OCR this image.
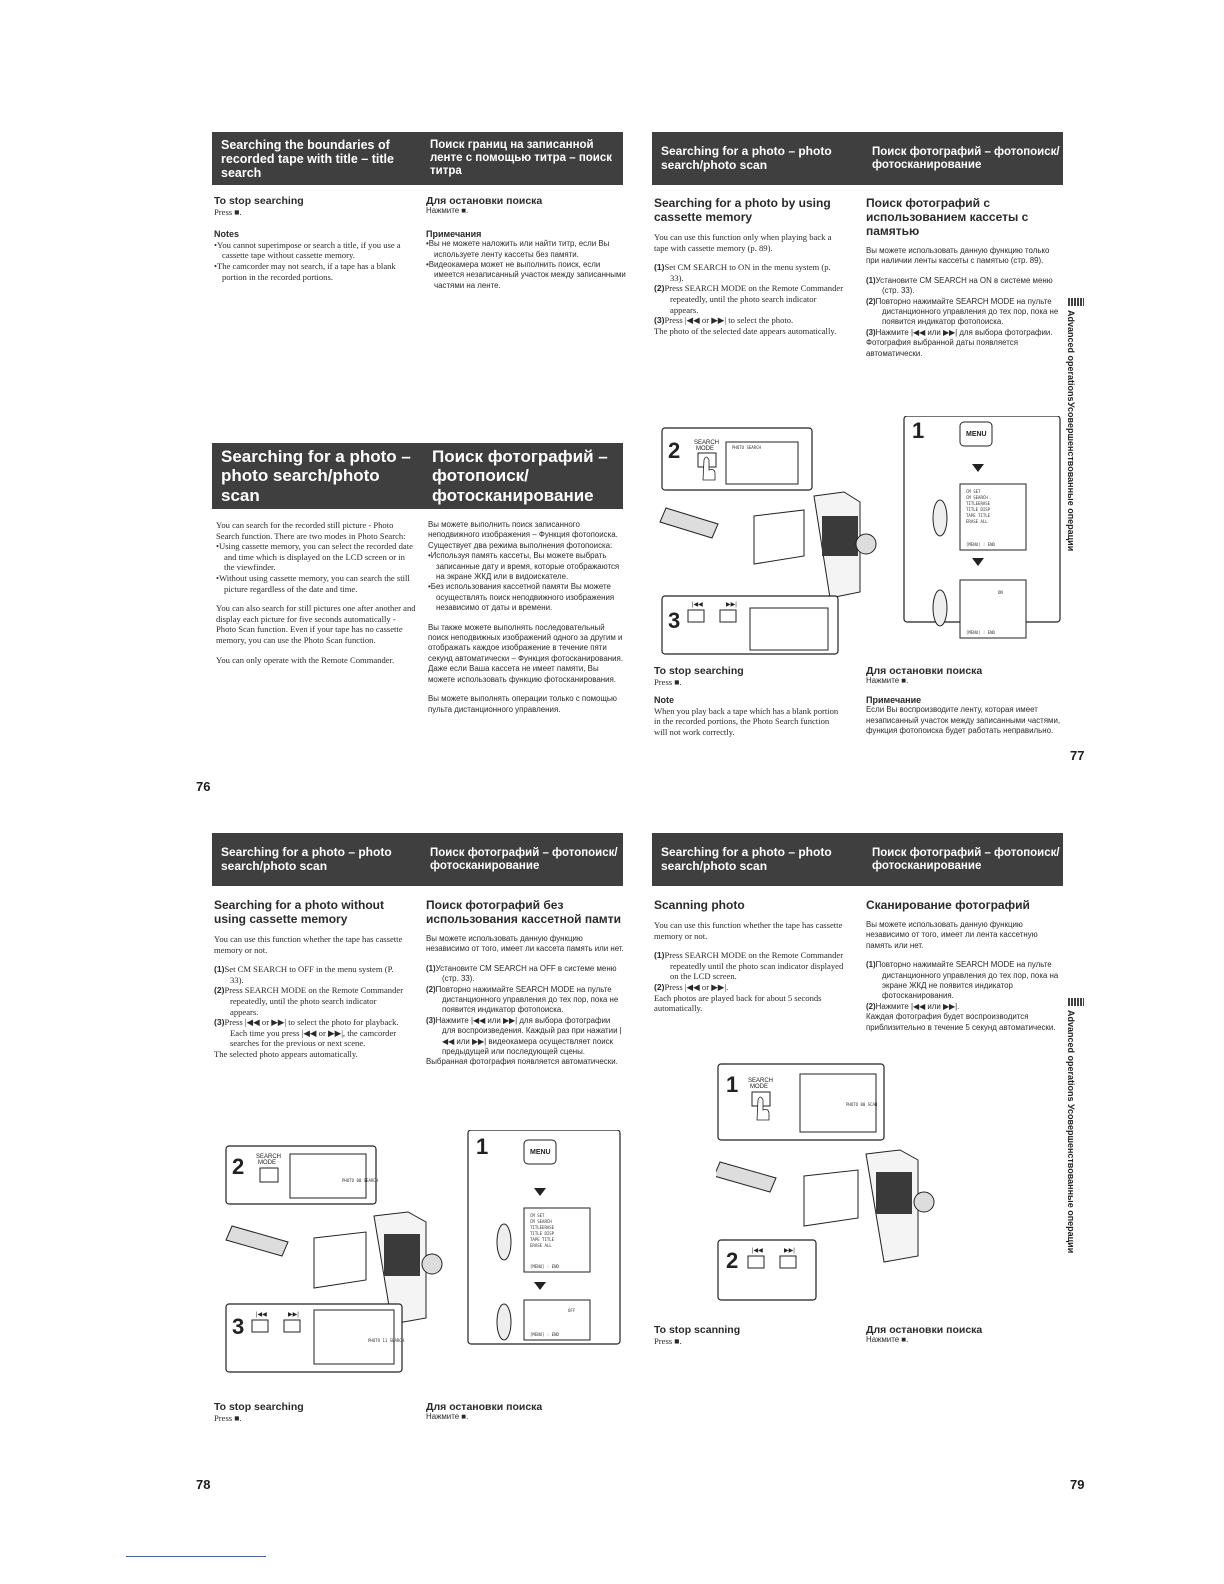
Searching the boundaries of recorded tape with title – title search
Поиск границ на записанной ленте с помощью титра – поиск титра

To stop searching

Press ■.

Notes

•You cannot superimpose or search a title, if you use a cassette tape without cassette memory.

•The camcorder may not search, if a tape has a blank portion in the recorded portions.

Для остановки поиска

Нажмите ■.

Примечания

•Вы не можете наложить или найти титр, если Вы используете ленту кассеты без памяти.

•Видеокамера может не выполнить поиск, если имеется незаписанный участок между записанными частями на ленте.

Searching for a photo – photo search/photo scan
Поиск фотографий – фотопоиск/ фотосканирование

You can search for the recorded still picture - Photo Search function. There are two modes in Photo Search:

•Using cassette memory, you can select the recorded date and time which is displayed on the LCD screen or in the viewfinder.

•Without using cassette memory, you can search the still picture regardless of the date and time.

You can also search for still pictures one after another and display each picture for five seconds automatically - Photo Scan function. Even if your tape has no cassette memory, you can use the Photo Scan function.

You can only operate with the Remote Commander.

Вы можете выполнить поиск записанного неподвижного изображения – Функция фотопоиска. Существует два режима выполнения фотопоиска:

•Используя память кассеты, Вы можете выбрать записанные дату и время, которые отображаются на экране ЖКД или в видоискателе.

•Без использования кассетной памяти Вы можете осуществлять поиск неподвижного изображения независимо от даты и времени.

Вы также можете выполнять последовательный поиск неподвижных изображений одного за другим и отображать каждое изображение в течение пяти секунд автоматически – Функция фотосканирования. Даже если Ваша кассета не имеет памяти, Вы можете использовать функцию фотосканирования.

Вы можете выполнять операции только с помощью пульта дистанционного управления.

76
Searching for a photo – photo search/photo scan
Поиск фотографий – фотопоиск/ фотосканирование

Searching for a photo by using cassette memory

You can use this function only when playing back a tape with cassette memory (p. 89).

(1)Set CM SEARCH to ON in the menu system (p. 33).

(2)Press SEARCH MODE on the Remote Commander repeatedly, until the photo search indicator appears.

(3)Press |◀◀ or ▶▶| to select the photo.

The photo of the selected date appears automatically.

Поиск фотографий с использованием кассеты с памятью

Вы можете использовать данную функцию только при наличии ленты кассеты с памятью (стр. 89).

(1)Установите CM SEARCH на ON в системе меню (стр. 33).

(2)Повторно нажимайте SEARCH MODE на пульте дистанционного управления до тех пор, пока не появится индикатор фотопоиска.

(3)Нажмите |◀◀ или ▶▶| для выбора фотографии.

Фотография выбранной даты появляется автоматически.	Advanced operations
Усовершенствованные операции
2 SEARCH
MODE	PHOTO SEARCH
3
|◀◀	▶▶|
1	MENU
CM SET
CM SEARCH
TITLEERASE
TITLE DISP
TAPE TITLE
ERASE ALL
[MENU] : END
ON
[MENU] : END

To stop searching

Press ■.

Note

When you play back a tape which has a blank portion in the recorded portions, the Photo Search function will not work correctly.

Для остановки поиска

Нажмите ■.

Примечание

Если Вы воспроизводите ленту, которая имеет незаписанный участок между записанными частями, функция фотопоиска будет работать неправильно.

77
Searching for a photo – photo search/photo scan
Поиск фотографий – фотопоиск/ фотосканирование

Searching for a photo without using cassette memory

You can use this function whether the tape has cassette memory or not.

(1)Set CM SEARCH to OFF in the menu system (P. 33).

(2)Press SEARCH MODE on the Remote Commander repeatedly, until the photo search indicator appears.

(3)Press |◀◀ or ▶▶| to select the photo for playback. Each time you press |◀◀ or ▶▶|, the camcorder searches for the previous or next scene.

The selected photo appears automatically.

Поиск фотографий без использования кассетной памти

Вы можете использовать данную функцию независимо от того, имеет ли кассета память или нет.

(1)Установите CM SEARCH на OFF в системе меню (стр. 33).

(2)Повторно нажимайте SEARCH MODE на пульте дистанционного управления до тех пор, пока не появится индикатор фотопоиска.

(3)Нажмите |◀◀ или ▶▶| для выбора фотографии для воспроизведения. Каждый раз при нажатии |◀◀ или ▶▶| видеокамера осуществляет поиск предыдущей или последующей сцены.

Выбранная фотография появляется автоматически.

2 SEARCH
MODE
PHOTO 00 SEARCH
3 |◀◀	▶▶|
PHOTO 11 SEARCH
1	MENU
CM SET
CM SEARCH
TITLEERASE
TITLE DISP
TAPE TITLE
ERASE ALL
[MENU] : END
OFF
[MENU] : END

To stop searching

Press ■.

Для остановки поиска

Нажмите ■.

78
Searching for a photo – photo search/photo scan
Поиск фотографий – фотопоиск/ фотосканирование

Scanning photo

You can use this function whether the tape has cassette memory or not.

(1)Press SEARCH MODE on the Remote Commander repeatedly until the photo scan indicator displayed on the LCD screen.

(2)Press |◀◀ or ▶▶|.

Each photos are played back for about 5 seconds automatically.

Сканирование фотографий

Вы можете использовать данную функцию независимо от того, имеет ли лента кассетную память или нет.

(1)Повторно нажимайте SEARCH MODE на пульте дистанционного управления до тех пор, пока на экране ЖКД не появится индикатор фотосканирования.

(2)Нажмите |◀◀ или ▶▶|.

Каждая фотография будет воспроизводится приблизительно в течение 5 секунд автоматически.	Advanced operations
Усовершенствованные операции
1 SEARCH
MODE
PHOTO 00 SCAN
2 |◀◀	▶▶|

To stop scanning

Press ■.

Для остановки поиска

Нажмите ■.

79
